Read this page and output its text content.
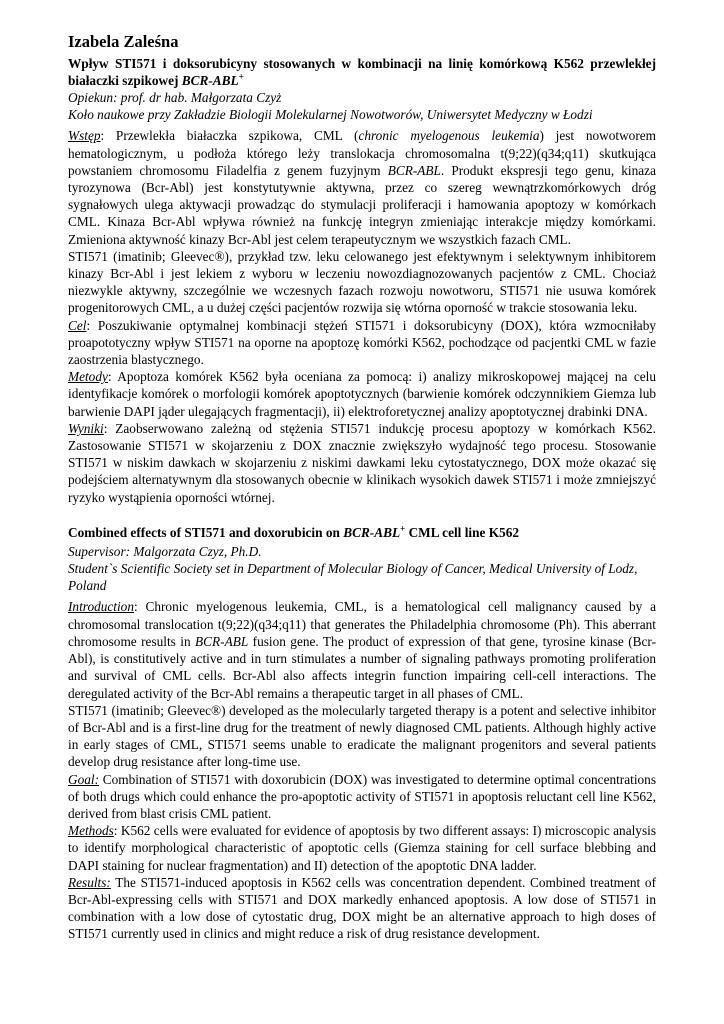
Izabela Zaleśna
Wpływ STI571 i doksorubicyny stosowanych w kombinacji na linię komórkową K562 przewlekłej białaczki szpikowej BCR-ABL+
Opiekun: prof. dr hab. Małgorzata Czyż
Koło naukowe przy Zakładzie Biologii Molekularnej Nowotworów, Uniwersytet Medyczny w Łodzi

Wstęp: Przewlekła białaczka szpikowa, CML (chronic myelogenous leukemia) jest nowotworem hematologicznym, u podłoża którego leży translokacja chromosomalna t(9;22)(q34;q11) skutkująca powstaniem chromosomu Filadelfia z genem fuzyjnym BCR-ABL. Produkt ekspresji tego genu, kinaza tyrozynowa (Bcr-Abl) jest konstytutywnie aktywna, przez co szereg wewnątrzkomórkowych dróg sygnałowych ulega aktywacji prowadząc do stymulacji proliferacji i hamowania apoptozy w komórkach CML. Kinaza Bcr-Abl wpływa również na funkcję integryn zmieniając interakcje między komórkami. Zmieniona aktywność kinazy Bcr-Abl jest celem terapeutycznym we wszystkich fazach CML.

STI571 (imatinib; Gleevec®), przykład tzw. leku celowanego jest efektywnym i selektywnym inhibitorem kinazy Bcr-Abl i jest lekiem z wyboru w leczeniu nowozdiagnozowanych pacjentów z CML. Chociaż niezwykle aktywny, szczególnie we wczesnych fazach rozwoju nowotworu, STI571 nie usuwa komórek progenitorowych CML, a u dużej części pacjentów rozwija się wtórna oporność w trakcie stosowania leku.

Cel: Poszukiwanie optymalnej kombinacji stężeń STI571 i doksorubicyny (DOX), która wzmocniłaby proapototyczny wpływ STI571 na oporne na apoptozę komórki K562, pochodzące od pacjentki CML w fazie zaostrzenia blastycznego.

Metody: Apoptoza komórek K562 była oceniana za pomocą: i) analizy mikroskopowej mającej na celu identyfikacje komórek o morfologii komórek apoptotycznych (barwienie komórek odczynnikiem Giemza lub barwienie DAPI jąder ulegających fragmentacji), ii) elektroforetycznej analizy apoptotycznej drabinki DNA.

Wyniki: Zaobserwowano zależną od stężenia STI571 indukcję procesu apoptozy w komórkach K562. Zastosowanie STI571 w skojarzeniu z DOX znacznie zwiększyło wydajność tego procesu. Stosowanie STI571 w niskim dawkach w skojarzeniu z niskimi dawkami leku cytostatycznego, DOX może okazać się podejściem alternatywnym dla stosowanych obecnie w klinikach wysokich dawek STI571 i może zmniejszyć ryzyko wystąpienia oporności wtórnej.

Combined effects of STI571 and doxorubicin on BCR-ABL+ CML cell line K562
Supervisor: Malgorzata Czyz, Ph.D.
Student`s Scientific Society set in Department of Molecular Biology of Cancer, Medical University of Lodz, Poland

Introduction: Chronic myelogenous leukemia, CML, is a hematological cell malignancy caused by a chromosomal translocation t(9;22)(q34;q11) that generates the Philadelphia chromosome (Ph). This aberrant chromosome results in BCR-ABL fusion gene. The product of expression of that gene, tyrosine kinase (Bcr-Abl), is constitutively active and in turn stimulates a number of signaling pathways promoting proliferation and survival of CML cells. Bcr-Abl also affects integrin function impairing cell-cell interactions. The deregulated activity of the Bcr-Abl remains a therapeutic target in all phases of CML.

STI571 (imatinib; Gleevec®) developed as the molecularly targeted therapy is a potent and selective inhibitor of Bcr-Abl and is a first-line drug for the treatment of newly diagnosed CML patients. Although highly active in early stages of CML, STI571 seems unable to eradicate the malignant progenitors and several patients develop drug resistance after long-time use.

Goal: Combination of STI571 with doxorubicin (DOX) was investigated to determine optimal concentrations of both drugs which could enhance the pro-apoptotic activity of STI571 in apoptosis reluctant cell line K562, derived from blast crisis CML patient.

Methods: K562 cells were evaluated for evidence of apoptosis by two different assays: I) microscopic analysis to identify morphological characteristic of apoptotic cells (Giemza staining for cell surface blebbing and DAPI staining for nuclear fragmentation) and II) detection of the apoptotic DNA ladder.

Results: The STI571-induced apoptosis in K562 cells was concentration dependent. Combined treatment of Bcr-Abl-expressing cells with STI571 and DOX markedly enhanced apoptosis. A low dose of STI571 in combination with a low dose of cytostatic drug, DOX might be an alternative approach to high doses of STI571 currently used in clinics and might reduce a risk of drug resistance development.
